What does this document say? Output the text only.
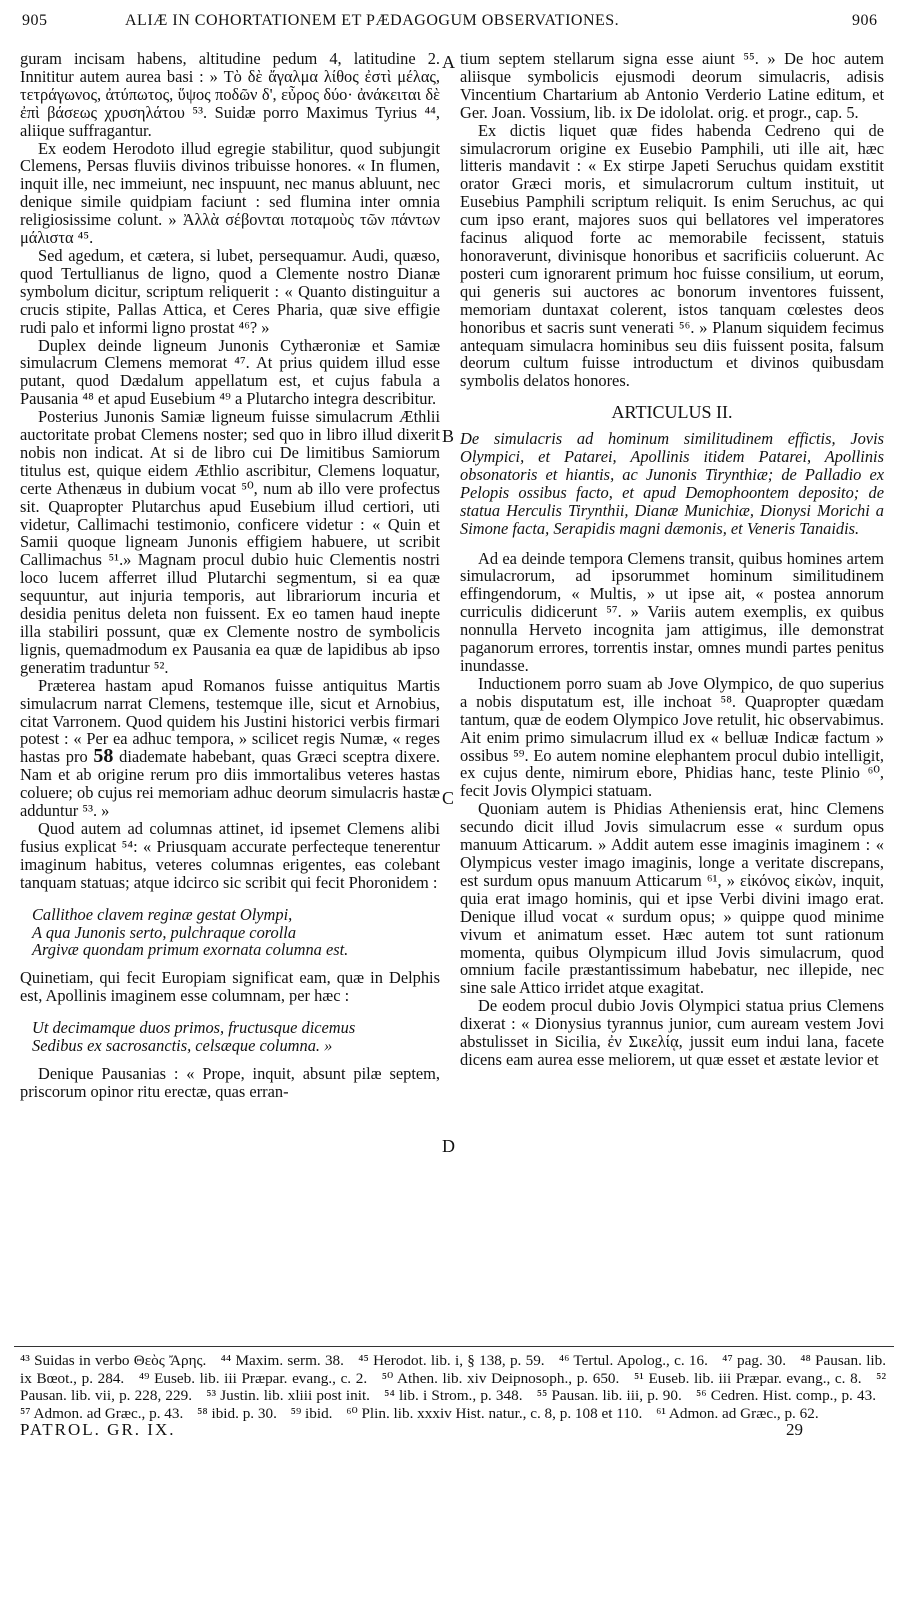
905	ALIÆ IN COHORTATIONEM ET PÆDAGOGUM OBSERVATIONES.	906

guram incisam habens, altitudine pedum 4, latitudine 2. Innititur autem aurea basi : » Τὸ δὲ ἄγαλμα λίθος ἐστὶ μέλας, τετράγωνος, ἀτύπωτος, ὕψος ποδῶν δ', εὖρος δύο· ἀνάκειται δὲ ἐπὶ βάσεως χρυσηλάτου ⁵³. Suidæ porro Maximus Tyrius ⁴⁴, aliique suffragantur.

Ex eodem Herodoto illud egregie stabilitur, quod subjungit Clemens, Persas fluviis divinos tribuisse honores. « In flumen, inquit ille, nec immeiunt, nec inspuunt, nec manus abluunt, nec denique simile quidpiam faciunt : sed flumina inter omnia religiosissime colunt. » Ἀλλὰ σέβονται ποταμοὺς τῶν πάντων μάλιστα ⁴⁵.

Sed agedum, et cætera, si lubet, persequamur. Audi, quæso, quod Tertullianus de ligno, quod a Clemente nostro Dianæ symbolum dicitur, scriptum reliquerit : « Quanto distinguitur a crucis stipite, Pallas Attica, et Ceres Pharia, quæ sive effigie rudi palo et informi ligno prostat ⁴⁶? »

Duplex deinde ligneum Junonis Cythæroniæ et Samiæ simulacrum Clemens memorat ⁴⁷. At prius quidem illud esse putant, quod Dædalum appellatum est, et cujus fabula a Pausania ⁴⁸ et apud Eusebium ⁴⁹ a Plutarcho integra describitur.

Posterius Junonis Samiæ ligneum fuisse simulacrum Æthlii auctoritate probat Clemens noster; sed quo in libro illud dixerit nobis non indicat. At si de libro cui De limitibus Samiorum titulus est, quique eidem Æthlio ascribitur, Clemens loquatur, certe Athenæus in dubium vocat ⁵⁰, num ab illo vere profectus sit. Quapropter Plutarchus apud Eusebium illud certiori, uti videtur, Callimachi testimonio, conficere videtur : « Quin et Samii quoque ligneam Junonis effigiem habuere, ut scribit Callimachus ⁵¹.» Magnam procul dubio huic Clementis nostri loco lucem afferret illud Plutarchi segmentum, si ea quæ sequuntur, aut injuria temporis, aut librariorum incuria et desidia penitus deleta non fuissent. Ex eo tamen haud inepte illa stabiliri possunt, quæ ex Clemente nostro de symbolicis lignis, quemadmodum ex Pausania ea quæ de lapidibus ab ipso generatim traduntur ⁵².

Præterea hastam apud Romanos fuisse antiquitus Martis simulacrum narrat Clemens, testemque ille, sicut et Arnobius, citat Varronem. Quod quidem his Justini historici verbis firmari potest : « Per ea adhuc tempora, » scilicet regis Numæ, « reges hastas pro 58 diademate habebant, quas Græci sceptra dixere. Nam et ab origine rerum pro diis immortalibus veteres hastas coluere; ob cujus rei memoriam adhuc deorum simulacris hastæ adduntur ⁵³. »

Quod autem ad columnas attinet, id ipsemet Clemens alibi fusius explicat ⁵⁴: « Priusquam accurate perfecteque tenerentur imaginum habitus, veteres columnas erigentes, eas colebant tanquam statuas; atque idcirco sic scribit qui fecit Phoronidem :

Callithoe clavem reginæ gestat Olympi,
A qua Junonis serto, pulchraque corolla
Argivæ quondam primum exornata columna est.

Quinetiam, qui fecit Europiam significat eam, quæ in Delphis est, Apollinis imaginem esse columnam, per hæc :

Ut decimamque duos primos, fructusque dicemus
Sedibus ex sacrosanctis, celsæque columna. »

Denique Pausanias : « Prope, inquit, absunt pilæ septem, priscorum opinor ritu erectæ, quas erran-

A
B
C
D

tium septem stellarum signa esse aiunt ⁵⁵. » De hoc autem aliisque symbolicis ejusmodi deorum simulacris, adisis Vincentium Chartarium ab Antonio Verderio Latine editum, et Ger. Joan. Vossium, lib. ix De idololat. orig. et progr., cap. 5.

Ex dictis liquet quæ fides habenda Cedreno qui de simulacrorum origine ex Eusebio Pamphili, uti ille ait, hæc litteris mandavit : « Ex stirpe Japeti Seruchus quidam exstitit orator Græci moris, et simulacrorum cultum instituit, ut Eusebius Pamphili scriptum reliquit. Is enim Seruchus, ac qui cum ipso erant, majores suos qui bellatores vel imperatores facinus aliquod forte ac memorabile fecissent, statuis honoraverunt, divinisque honoribus et sacrificiis coluerunt. Ac posteri cum ignorarent primum hoc fuisse consilium, ut eorum, qui generis sui auctores ac bonorum inventores fuissent, memoriam duntaxat colerent, istos tanquam cœlestes deos honoribus et sacris sunt venerati ⁵⁶. » Planum siquidem fecimus antequam simulacra hominibus seu diis fuissent posita, falsum deorum cultum fuisse introductum et divinos quibusdam symbolis delatos honores.

ARTICULUS II.
De simulacris ad hominum similitudinem effictis, Jovis Olympici, et Patarei, Apollinis itidem Patarei, Apollinis obsonatoris et hiantis, ac Junonis Tirynthiæ; de Palladio ex Pelopis ossibus facto, et apud Demophoontem deposito; de statua Herculis Tirynthii, Dianæ Munichiæ, Dionysi Morichi a Simone facta, Serapidis magni dæmonis, et Veneris Tanaidis.

Ad ea deinde tempora Clemens transit, quibus homines artem simulacrorum, ad ipsorummet hominum similitudinem effingendorum, « Multis, » ut ipse ait, « postea annorum curriculis didicerunt ⁵⁷. » Variis autem exemplis, ex quibus nonnulla Herveto incognita jam attigimus, ille demonstrat paganorum errores, torrentis instar, omnes mundi partes penitus inundasse.

Inductionem porro suam ab Jove Olympico, de quo superius a nobis disputatum est, ille inchoat ⁵⁸. Quapropter quædam tantum, quæ de eodem Olympico Jove retulit, hic observabimus. Ait enim primo simulacrum illud ex « belluæ Indicæ factum » ossibus ⁵⁹. Eo autem nomine elephantem procul dubio intelligit, ex cujus dente, nimirum ebore, Phidias hanc, teste Plinio ⁶⁰, fecit Jovis Olympici statuam.

Quoniam autem is Phidias Atheniensis erat, hinc Clemens secundo dicit illud Jovis simulacrum esse « surdum opus manuum Atticarum. » Addit autem esse imaginis imaginem : « Olympicus vester imago imaginis, longe a veritate discrepans, est surdum opus manuum Atticarum ⁶¹, » εἰκόνος εἰκὼν, inquit, quia erat imago hominis, qui et ipse Verbi divini imago erat. Denique illud vocat « surdum opus; » quippe quod minime vivum et animatum esset. Hæc autem tot sunt rationum momenta, quibus Olympicum illud Jovis simulacrum, quod omnium facile præstantissimum habebatur, nec illepide, nec sine sale Attico irridet atque exagitat.

De eodem procul dubio Jovis Olympici statua prius Clemens dixerat : « Dionysius tyrannus junior, cum auream vestem Jovi abstulisset in Sicilia, ἐν Σικελίᾳ, jussit eum indui lana, facete dicens eam aurea esse meliorem, ut quæ esset et æstate levior et

⁴³ Suidas in verbo Θεὸς Ἄρης. ⁴⁴ Maxim. serm. 38. ⁴⁵ Herodot. lib. i, § 138, p. 59. ⁴⁶ Tertul. Apolog., c. 16. ⁴⁷ pag. 30. ⁴⁸ Pausan. lib. ix Bœot., p. 284. ⁴⁹ Euseb. lib. iii Præpar. evang., c. 2. ⁵⁰ Athen. lib. xiv Deipnosoph., p. 650. ⁵¹ Euseb. lib. iii Præpar. evang., c. 8. ⁵² Pausan. lib. vii, p. 228, 229. ⁵³ Justin. lib. xliii post init. ⁵⁴ lib. i Strom., p. 348. ⁵⁵ Pausan. lib. iii, p. 90. ⁵⁶ Cedren. Hist. comp., p. 43. ⁵⁷ Admon. ad Græc., p. 43. ⁵⁸ ibid. p. 30. ⁵⁹ ibid. ⁶⁰ Plin. lib. xxxiv Hist. natur., c. 8, p. 108 et 110. ⁶¹ Admon. ad Græc., p. 62.
PATROL. GR. IX.	29
